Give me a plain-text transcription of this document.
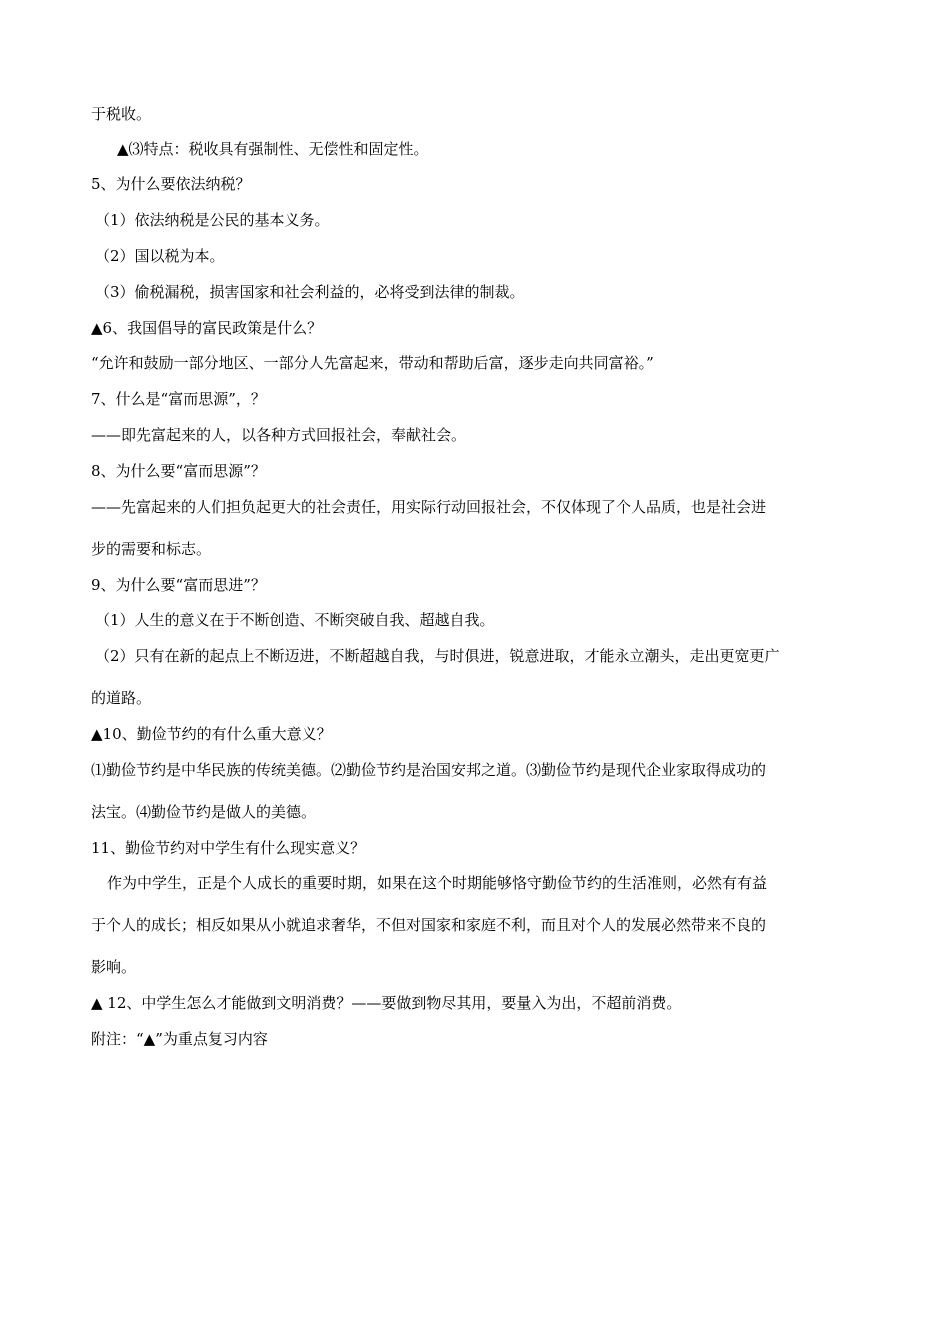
于税收。
▲⑶特点：税收具有强制性、无偿性和固定性。
5、为什么要依法纳税？
（1）依法纳税是公民的基本义务。
（2）国以税为本。
（3）偷税漏税，损害国家和社会利益的，必将受到法律的制裁。
▲6、我国倡导的富民政策是什么？
“允许和鼓励一部分地区、一部分人先富起来，带动和帮助后富，逐步走向共同富裕。”
7、什么是“富而思源”，？
——即先富起来的人，以各种方式回报社会，奉献社会。
8、为什么要“富而思源”？
——先富起来的人们担负起更大的社会责任，用实际行动回报社会，不仅体现了个人品质，也是社会进
步的需要和标志。
9、为什么要“富而思进”？
（1）人生的意义在于不断创造、不断突破自我、超越自我。
（2）只有在新的起点上不断迈进，不断超越自我，与时俱进，锐意进取，才能永立潮头，走出更宽更广
的道路。
▲10、勤俭节约的有什么重大意义？
⑴勤俭节约是中华民族的传统美德。⑵勤俭节约是治国安邦之道。⑶勤俭节约是现代企业家取得成功的
法宝。⑷勤俭节约是做人的美德。
11、勤俭节约对中学生有什么现实意义？
作为中学生，正是个人成长的重要时期，如果在这个时期能够恪守勤俭节约的生活准则，必然有有益
于个人的成长；相反如果从小就追求奢华，不但对国家和家庭不利，而且对个人的发展必然带来不良的
影响。
▲ 12、中学生怎么才能做到文明消费？——要做到物尽其用，要量入为出，不超前消费。
附注：“▲”为重点复习内容
